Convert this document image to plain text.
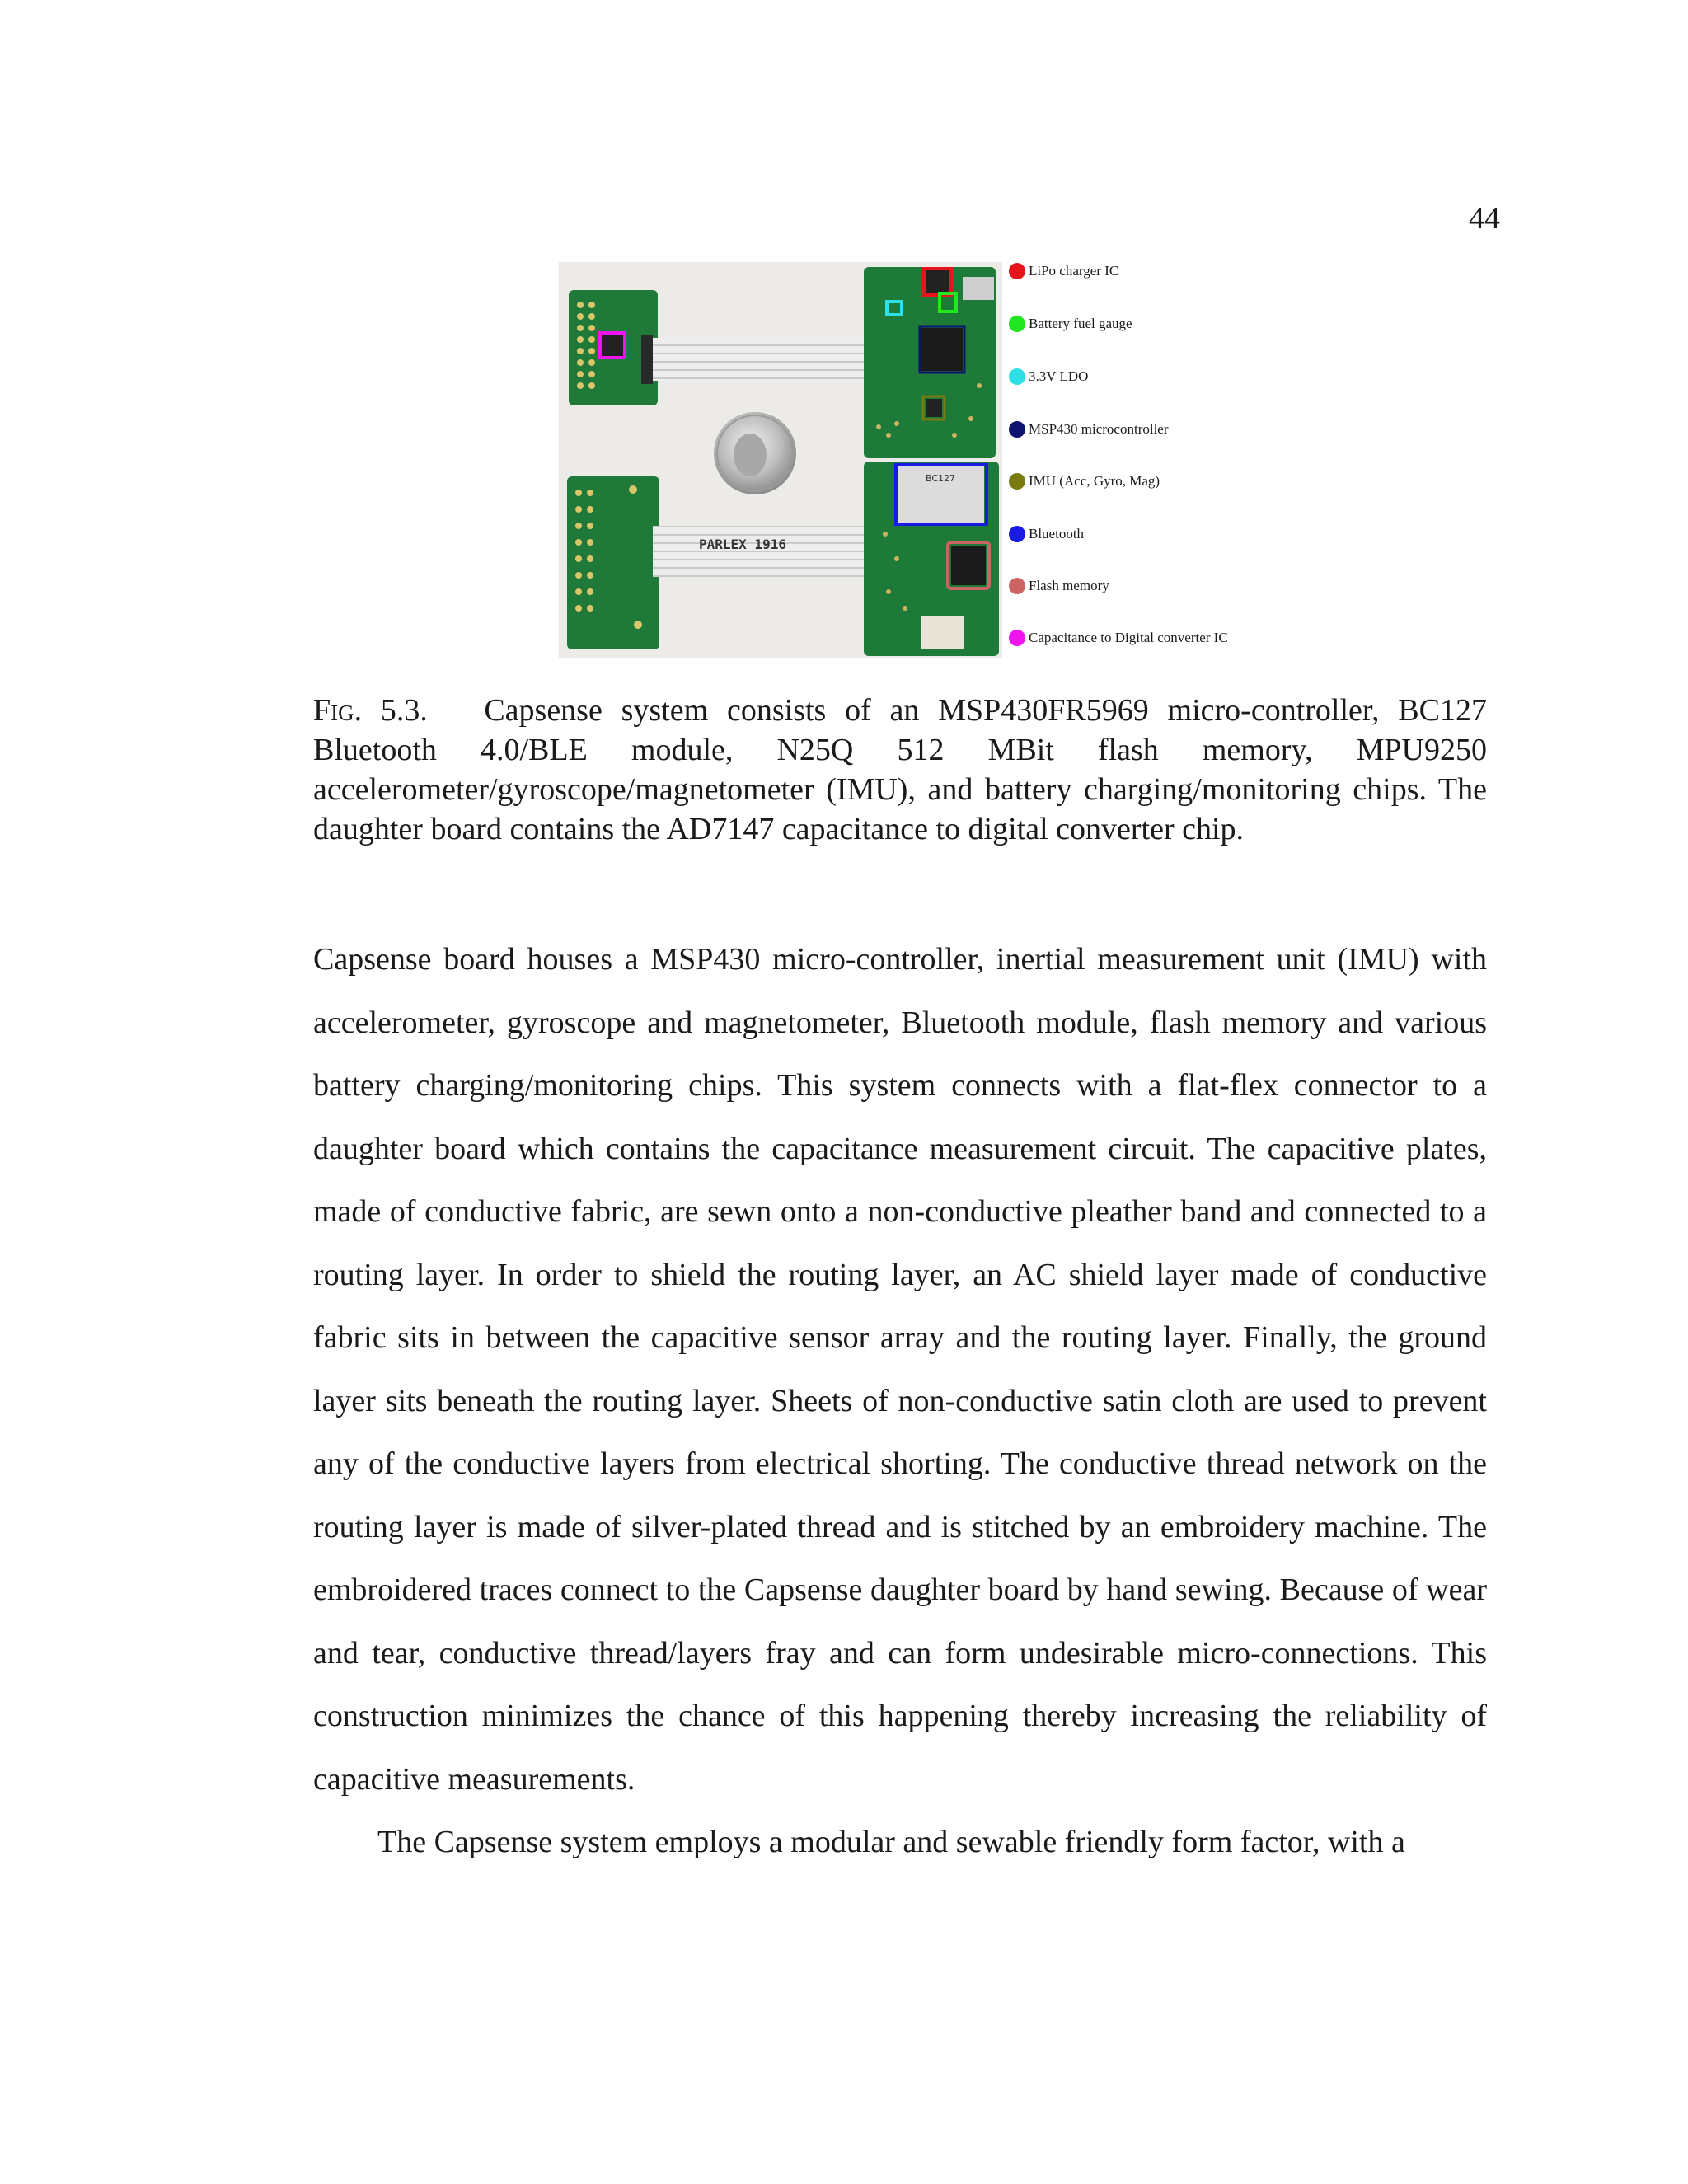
44
PARLEX 1916
BC127
LiPo charger IC
Battery fuel gauge
3.3V LDO
MSP430 microcontroller
IMU (Acc, Gyro, Mag)
Bluetooth
Flash memory
Capacitance to Digital converter IC
Fig. 5.3. Capsense system consists of an MSP430FR5969 micro-controller, BC127 Bluetooth 4.0/BLE module, N25Q 512 MBit flash memory, MPU9250 accelerometer/gyroscope/magnetometer (IMU), and battery charging/monitoring chips. The daughter board contains the AD7147 capacitance to digital converter chip.

Capsense board houses a MSP430 micro-controller, inertial measurement unit (IMU) with accelerometer, gyroscope and magnetometer, Bluetooth module, flash memory and various battery charging/monitoring chips. This system connects with a flat-flex connector to a daughter board which contains the capacitance measurement circuit. The capacitive plates, made of conductive fabric, are sewn onto a non-conductive pleather band and connected to a routing layer. In order to shield the routing layer, an AC shield layer made of conductive fabric sits in between the capacitive sensor array and the routing layer. Finally, the ground layer sits beneath the routing layer. Sheets of non-conductive satin cloth are used to prevent any of the conductive layers from electrical shorting. The conductive thread network on the routing layer is made of silver-plated thread and is stitched by an embroidery machine. The embroidered traces connect to the Capsense daughter board by hand sewing. Because of wear and tear, conductive thread/layers fray and can form undesirable micro-connections. This construction minimizes the chance of this happening thereby increasing the reliability of capacitive measurements.

The Capsense system employs a modular and sewable friendly form factor, with a
